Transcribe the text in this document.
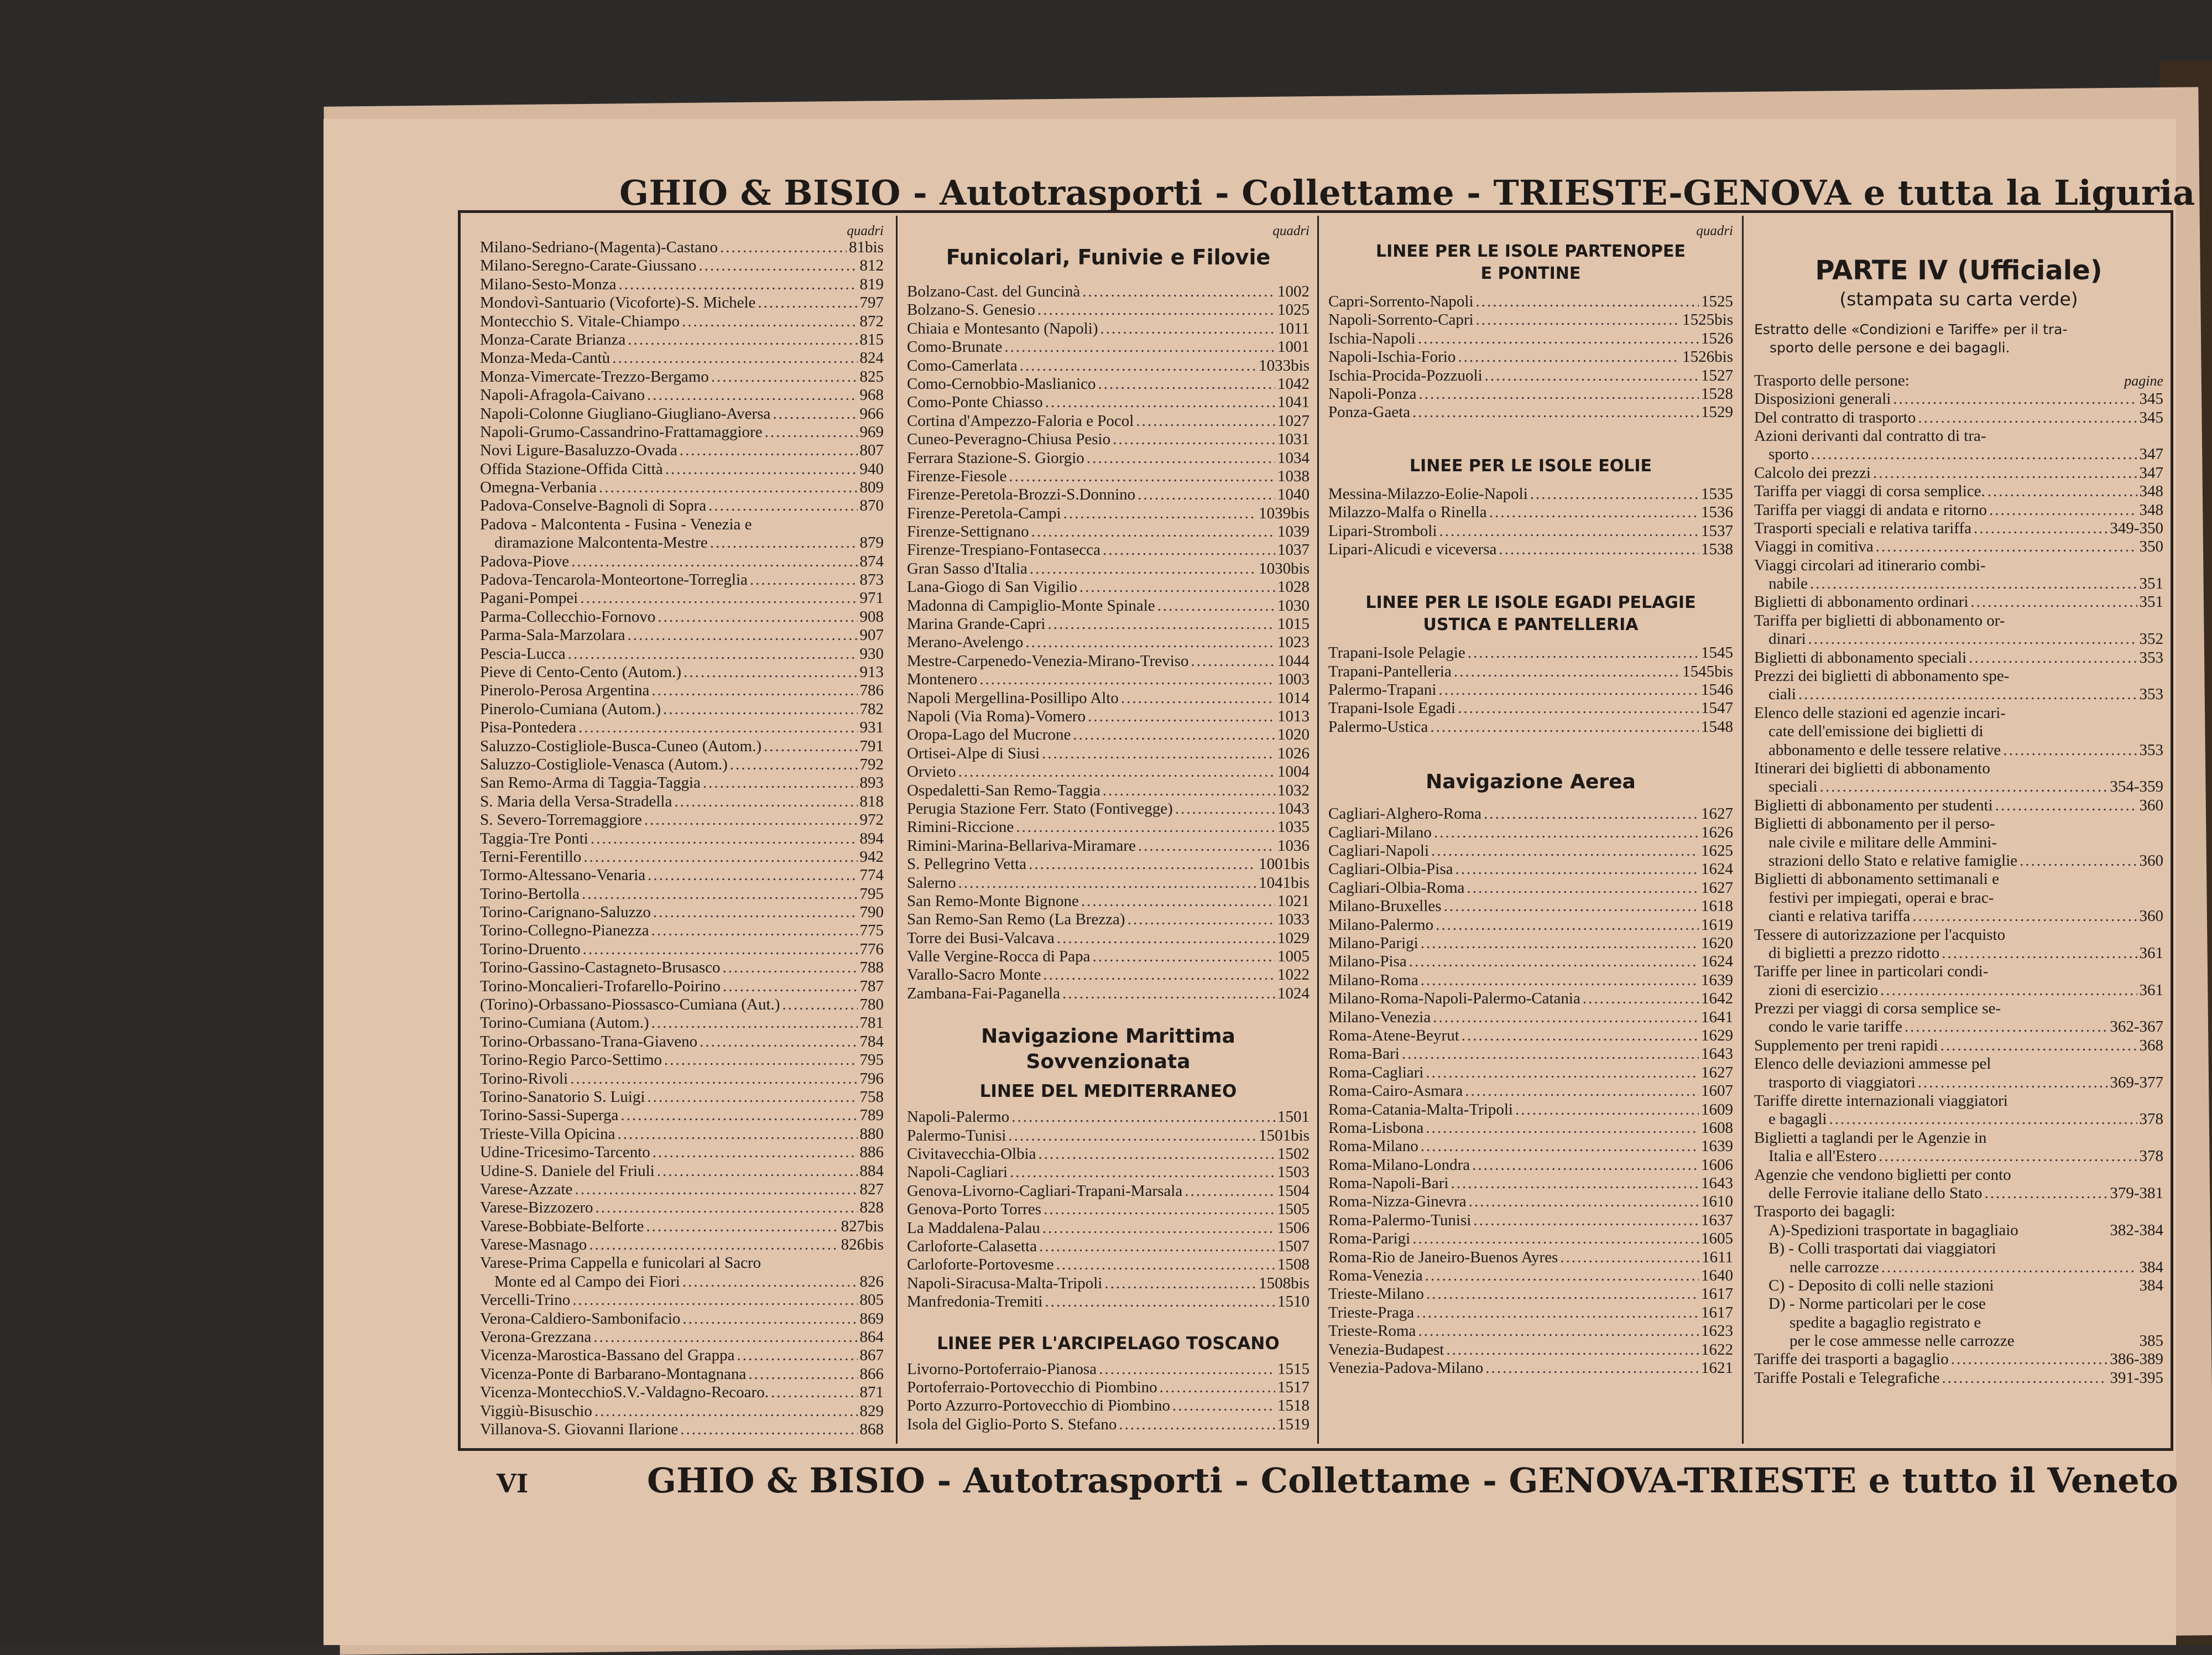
GHIO & BISIO - Autotrasporti - Collettame - TRIESTE-GENOVA e tutta la Liguria
quadri
Milano-Sedriano-(Magenta)-Castano .....	81bis
Milano-Seregno-Carate-Giussano .....	812
Milano-Sesto-Monza .....	819
Mondovì-Santuario (Vicoforte)-S. Michele .....	797
Montecchio S. Vitale-Chiampo .....	872
Monza-Carate Brianza .....	815
Monza-Meda-Cantù .....	824
Monza-Vimercate-Trezzo-Bergamo .....	825
Napoli-Afragola-Caivano .....	968
Napoli-Colonne Giugliano-Giugliano-Aversa .....	966
Napoli-Grumo-Cassandrino-Frattamaggiore .....	969
Novi Ligure-Basaluzzo-Ovada .....	807
Offida Stazione-Offida Città .....	940
Omegna-Verbania .....	809
Padova-Conselve-Bagnoli di Sopra .....	870
Padova - Malcontenta - Fusina - Venezia e
diramazione Malcontenta-Mestre .....	879
Padova-Piove .....	874
Padova-Tencarola-Monteortone-Torreglia .....	873
Pagani-Pompei .....	971
Parma-Collecchio-Fornovo .....	908
Parma-Sala-Marzolara .....	907
Pescia-Lucca .....	930
Pieve di Cento-Cento (Autom.) .....	913
Pinerolo-Perosa Argentina .....	786
Pinerolo-Cumiana (Autom.) .....	782
Pisa-Pontedera .....	931
Saluzzo-Costigliole-Busca-Cuneo (Autom.) .....	791
Saluzzo-Costigliole-Venasca (Autom.) .....	792
San Remo-Arma di Taggia-Taggia .....	893
S. Maria della Versa-Stradella .....	818
S. Severo-Torremaggiore .....	972
Taggia-Tre Ponti .....	894
Terni-Ferentillo .....	942
Tormo-Altessano-Venaria .....	774
Torino-Bertolla .....	795
Torino-Carignano-Saluzzo .....	790
Torino-Collegno-Pianezza .....	775
Torino-Druento .....	776
Torino-Gassino-Castagneto-Brusasco .....	788
Torino-Moncalieri-Trofarello-Poirino .....	787
(Torino)-Orbassano-Piossasco-Cumiana (Aut.) .....	780
Torino-Cumiana (Autom.) .....	781
Torino-Orbassano-Trana-Giaveno .....	784
Torino-Regio Parco-Settimo .....	795
Torino-Rivoli .....	796
Torino-Sanatorio S. Luigi .....	758
Torino-Sassi-Superga .....	789
Trieste-Villa Opicina .....	880
Udine-Tricesimo-Tarcento .....	886
Udine-S. Daniele del Friuli .....	884
Varese-Azzate .....	827
Varese-Bizzozero .....	828
Varese-Bobbiate-Belforte .....	827bis
Varese-Masnago .....	826bis
Varese-Prima Cappella e funicolari al Sacro
Monte ed al Campo dei Fiori .....	826
Vercelli-Trino .....	805
Verona-Caldiero-Sambonifacio .....	869
Verona-Grezzana .....	864
Vicenza-Marostica-Bassano del Grappa .....	867
Vicenza-Ponte di Barbarano-Montagnana .....	866
Vicenza-MontecchioS.V.-Valdagno-Recoaro. .....	871
Viggiù-Bisuschio .....	829
Villanova-S. Giovanni Ilarione .....	868
quadri
Funicolari, Funivie e Filovie
Bolzano-Cast. del Guncinà .....	1002
Bolzano-S. Genesio .....	1025
Chiaia e Montesanto (Napoli) .....	1011
Como-Brunate .....	1001
Como-Camerlata .....	1033bis
Como-Cernobbio-Maslianico .....	1042
Como-Ponte Chiasso .....	1041
Cortina d'Ampezzo-Faloria e Pocol .....	1027
Cuneo-Peveragno-Chiusa Pesio .....	1031
Ferrara Stazione-S. Giorgio .....	1034
Firenze-Fiesole .....	1038
Firenze-Peretola-Brozzi-S.Donnino .....	1040
Firenze-Peretola-Campi .....	1039bis
Firenze-Settignano .....	1039
Firenze-Trespiano-Fontasecca .....	1037
Gran Sasso d'Italia .....	1030bis
Lana-Giogo di San Vigilio .....	1028
Madonna di Campiglio-Monte Spinale .....	1030
Marina Grande-Capri .....	1015
Merano-Avelengo .....	1023
Mestre-Carpenedo-Venezia-Mirano-Treviso .....	1044
Montenero .....	1003
Napoli Mergellina-Posillipo Alto .....	1014
Napoli (Via Roma)-Vomero .....	1013
Oropa-Lago del Mucrone .....	1020
Ortisei-Alpe di Siusi .....	1026
Orvieto .....	1004
Ospedaletti-San Remo-Taggia .....	1032
Perugia Stazione Ferr. Stato (Fontivegge) .....	1043
Rimini-Riccione .....	1035
Rimini-Marina-Bellariva-Miramare .....	1036
S. Pellegrino Vetta .....	1001bis
Salerno .....	1041bis
San Remo-Monte Bignone .....	1021
San Remo-San Remo (La Brezza) .....	1033
Torre dei Busi-Valcava .....	1029
Valle Vergine-Rocca di Papa .....	1005
Varallo-Sacro Monte .....	1022
Zambana-Fai-Paganella .....	1024
Navigazione Marittima
Sovvenzionata
LINEE DEL MEDITERRANEO
Napoli-Palermo .....	1501
Palermo-Tunisi .....	1501bis
Civitavecchia-Olbia .....	1502
Napoli-Cagliari .....	1503
Genova-Livorno-Cagliari-Trapani-Marsala .....	1504
Genova-Porto Torres .....	1505
La Maddalena-Palau .....	1506
Carloforte-Calasetta .....	1507
Carloforte-Portovesme .....	1508
Napoli-Siracusa-Malta-Tripoli .....	1508bis
Manfredonia-Tremiti .....	1510
LINEE PER L'ARCIPELAGO TOSCANO
Livorno-Portoferraio-Pianosa .....	1515
Portoferraio-Portovecchio di Piombino .....	1517
Porto Azzurro-Portovecchio di Piombino .....	1518
Isola del Giglio-Porto S. Stefano .....	1519
quadri
LINEE PER LE ISOLE PARTENOPEE
E PONTINE
Capri-Sorrento-Napoli .....	1525
Napoli-Sorrento-Capri .....	1525bis
Ischia-Napoli .....	1526
Napoli-Ischia-Forio .....	1526bis
Ischia-Procida-Pozzuoli .....	1527
Napoli-Ponza .....	1528
Ponza-Gaeta .....	1529
LINEE PER LE ISOLE EOLIE
Messina-Milazzo-Eolie-Napoli .....	1535
Milazzo-Malfa o Rinella .....	1536
Lipari-Stromboli .....	1537
Lipari-Alicudi e viceversa .....	1538
LINEE PER LE ISOLE EGADI PELAGIE
USTICA E PANTELLERIA
Trapani-Isole Pelagie .....	1545
Trapani-Pantelleria .....	1545bis
Palermo-Trapani .....	1546
Trapani-Isole Egadi .....	1547
Palermo-Ustica .....	1548
Navigazione Aerea
Cagliari-Alghero-Roma .....	1627
Cagliari-Milano .....	1626
Cagliari-Napoli .....	1625
Cagliari-Olbia-Pisa .....	1624
Cagliari-Olbia-Roma .....	1627
Milano-Bruxelles .....	1618
Milano-Palermo .....	1619
Milano-Parigi .....	1620
Milano-Pisa .....	1624
Milano-Roma .....	1639
Milano-Roma-Napoli-Palermo-Catania .....	1642
Milano-Venezia .....	1641
Roma-Atene-Beyrut .....	1629
Roma-Bari .....	1643
Roma-Cagliari .....	1627
Roma-Cairo-Asmara .....	1607
Roma-Catania-Malta-Tripoli .....	1609
Roma-Lisbona .....	1608
Roma-Milano .....	1639
Roma-Milano-Londra .....	1606
Roma-Napoli-Bari .....	1643
Roma-Nizza-Ginevra .....	1610
Roma-Palermo-Tunisi .....	1637
Roma-Parigi .....	1605
Roma-Rio de Janeiro-Buenos Ayres .....	1611
Roma-Venezia .....	1640
Trieste-Milano .....	1617
Trieste-Praga .....	1617
Trieste-Roma .....	1623
Venezia-Budapest .....	1622
Venezia-Padova-Milano .....	1621
PARTE IV (Ufficiale)
(stampata su carta verde)
Estratto delle «Condizioni e Tariffe» per il tra-
sporto delle persone e dei bagagli.
Trasporto delle persone:	pagine
Disposizioni generali .....	345
Del contratto di trasporto .....	345
Azioni derivanti dal contratto di tra-
sporto .....	347
Calcolo dei prezzi .....	347
Tariffa per viaggi di corsa semplice. .....	348
Tariffa per viaggi di andata e ritorno .....	348
Trasporti speciali e relativa tariffa .....	349-350
Viaggi in comitiva .....	350
Viaggi circolari ad itinerario combi-
nabile .....	351
Biglietti di abbonamento ordinari .....	351
Tariffa per biglietti di abbonamento or-
dinari .....	352
Biglietti di abbonamento speciali .....	353
Prezzi dei biglietti di abbonamento spe-
ciali .....	353
Elenco delle stazioni ed agenzie incari-
cate dell'emissione dei biglietti di
abbonamento e delle tessere relative .....	353
Itinerari dei biglietti di abbonamento
speciali .....	354-359
Biglietti di abbonamento per studenti .....	360
Biglietti di abbonamento per il perso-
nale civile e militare delle Ammini-
strazioni dello Stato e relative famiglie .....	360
Biglietti di abbonamento settimanali e
festivi per impiegati, operai e brac-
cianti e relativa tariffa .....	360
Tessere di autorizzazione per l'acquisto
di biglietti a prezzo ridotto .....	361
Tariffe per linee in particolari condi-
zioni di esercizio .....	361
Prezzi per viaggi di corsa semplice se-
condo le varie tariffe .....	362-367
Supplemento per treni rapidi .....	368
Elenco delle deviazioni ammesse pel
trasporto di viaggiatori .....	369-377
Tariffe dirette internazionali viaggiatori
e bagagli .....	378
Biglietti a taglandi per le Agenzie in
Italia e all'Estero .....	378
Agenzie che vendono biglietti per conto
delle Ferrovie italiane dello Stato .....	379-381
Trasporto dei bagagli:
A)-Spedizioni trasportate in bagagliaio	382-384
B) - Colli trasportati dai viaggiatori
nelle carrozze .....	384
C) - Deposito di colli nelle stazioni	384
D) - Norme particolari per le cose
spedite a bagaglio registrato e
per le cose ammesse nelle carrozze	385
Tariffe dei trasporti a bagaglio .....	386-389
Tariffe Postali e Telegrafiche .....	391-395
VI	GHIO & BISIO - Autotrasporti - Collettame - GENOVA-TRIESTE e tutto il Veneto
